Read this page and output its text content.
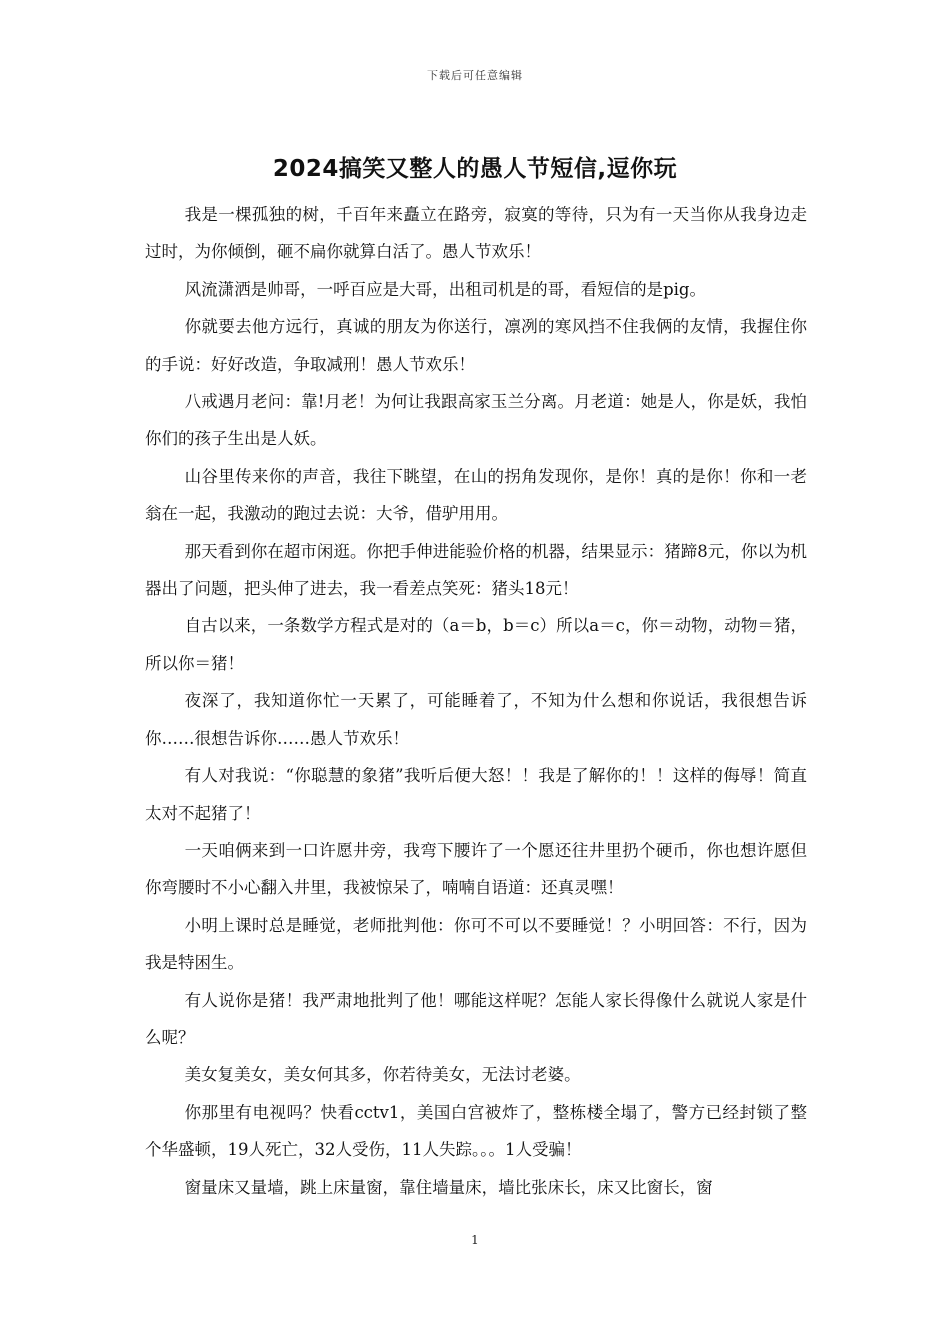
下载后可任意编辑
2024搞笑又整人的愚人节短信,逗你玩

我是一棵孤独的树，千百年来矗立在路旁，寂寞的等待，只为有一天当你从我身边走过时，为你倾倒，砸不扁你就算白活了。愚人节欢乐！

风流潇洒是帅哥，一呼百应是大哥，出租司机是的哥，看短信的是pig。

你就要去他方远行，真诚的朋友为你送行，凛冽的寒风挡不住我俩的友情，我握住你的手说：好好改造，争取减刑！愚人节欢乐！

八戒遇月老问：靠!月老！为何让我跟高家玉兰分离。月老道：她是人，你是妖，我怕你们的孩子生出是人妖。

山谷里传来你的声音，我往下眺望，在山的拐角发现你，是你！真的是你！你和一老翁在一起，我激动的跑过去说：大爷，借驴用用。

那天看到你在超市闲逛。你把手伸进能验价格的机器，结果显示：猪蹄8元，你以为机器出了问题，把头伸了进去，我一看差点笑死：猪头18元！

自古以来，一条数学方程式是对的（a＝b，b＝c）所以a＝c，你＝动物，动物＝猪，所以你＝猪！

夜深了，我知道你忙一天累了，可能睡着了，不知为什么想和你说话，我很想告诉你……很想告诉你……愚人节欢乐！

有人对我说：“你聪慧的象猪”我听后便大怒！！我是了解你的！！这样的侮辱！简直太对不起猪了！

一天咱俩来到一口许愿井旁，我弯下腰许了一个愿还往井里扔个硬币，你也想许愿但你弯腰时不小心翻入井里，我被惊呆了，喃喃自语道：还真灵嘿！

小明上课时总是睡觉，老师批判他：你可不可以不要睡觉！？小明回答：不行，因为我是特困生。

有人说你是猪！我严肃地批判了他！哪能这样呢？怎能人家长得像什么就说人家是什么呢？

美女复美女，美女何其多，你若待美女，无法讨老婆。

你那里有电视吗？快看cctv1，美国白宫被炸了，整栋楼全塌了，警方已经封锁了整个华盛顿，19人死亡，32人受伤，11人失踪。。。1人受骗！

窗量床又量墙，跳上床量窗，靠住墙量床，墙比张床长，床又比窗长，窗

1
